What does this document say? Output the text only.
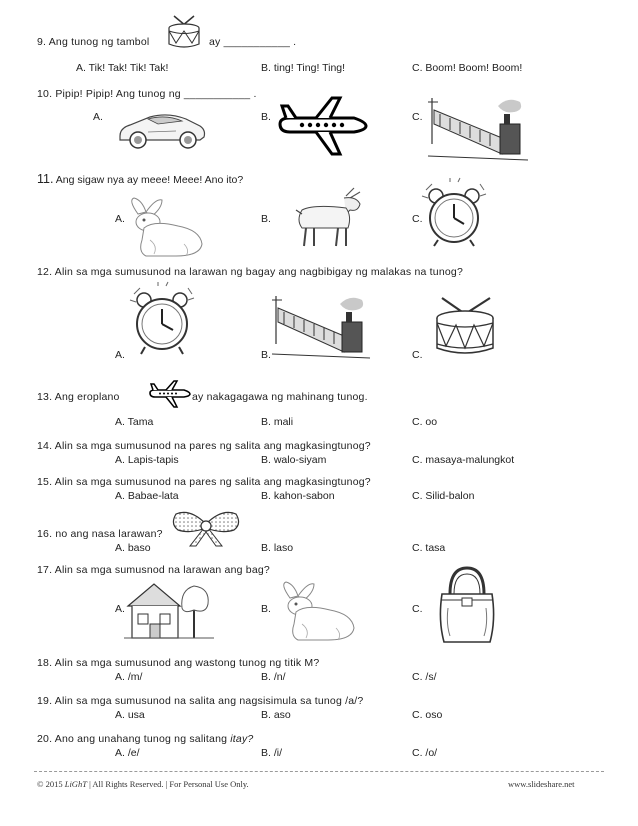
9. Ang tunog ng tambol	ay ___________ .
A. Tik! Tak! Tik! Tak!	B. ting! Ting! Ting!	C. Boom! Boom! Boom!
10. Pipip! Pipip! Ang tunog ng ___________ .
A.	B.	C.
11. Ang sigaw nya ay meee! Meee! Ano ito?
A.	B.	C.
12. Alin sa mga sumusunod na larawan ng bagay ang nagbibigay ng malakas na tunog?
A.	B.	C.
13. Ang eroplano	ay nakagagawa ng mahinang tunog.
A. Tama	B. mali	C. oo
14. Alin sa mga sumusunod na pares ng salita ang magkasingtunog?
A. Lapis-tapis	B. walo-siyam	C. masaya-malungkot
15. Alin sa mga sumusunod na pares ng salita ang magkasingtunog?
A. Babae-lata	B. kahon-sabon	C. Silid-balon
16. no ang nasa larawan?
A. baso	B. laso	C. tasa
17. Alin sa mga sumusnod na larawan ang bag?
A.	B.	C.
18. Alin sa mga sumusunod ang wastong tunog ng titik M?
A. /m/	B. /n/	C. /s/
19. Alin sa mga sumusunod na salita ang nagsisimula sa tunog /a/?
A. usa	B. aso	C. oso
20. Ano ang unahang tunog ng salitang itay?
A. /e/	B. /i/	C. /o/
© 2015 LiGhT | All Rights Reserved. | For Personal Use Only.	www.slideshare.net
